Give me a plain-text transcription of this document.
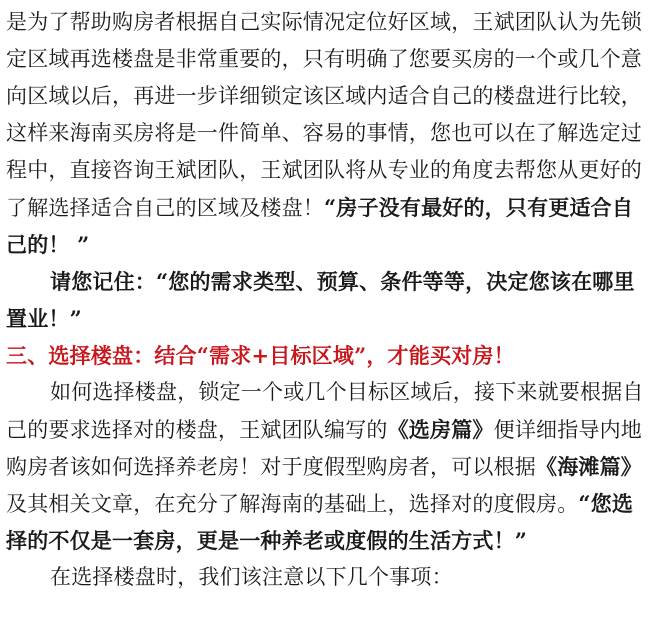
是为了帮助购房者根据自己实际情况定位好区域，王斌团队认为先锁
定区域再选楼盘是非常重要的，只有明确了您要买房的一个或几个意
向区域以后，再进一步详细锁定该区域内适合自己的楼盘进行比较，
这样来海南买房将是一件简单、容易的事情，您也可以在了解选定过
程中，直接咨询王斌团队，王斌团队将从专业的角度去帮您从更好的
了解选择适合自己的区域及楼盘！“房子没有最好的，只有更适合自
己的！ ”
请您记住：“您的需求类型、预算、条件等等，决定您该在哪里
置业！”
三、选择楼盘：结合“需求+目标区域”，才能买对房！
如何选择楼盘，锁定一个或几个目标区域后，接下来就要根据自
己的要求选择对的楼盘，王斌团队编写的《选房篇》便详细指导内地
购房者该如何选择养老房！对于度假型购房者，可以根据《海滩篇》
及其相关文章，在充分了解海南的基础上，选择对的度假房。“您选
择的不仅是一套房，更是一种养老或度假的生活方式！”
在选择楼盘时，我们该注意以下几个事项：
